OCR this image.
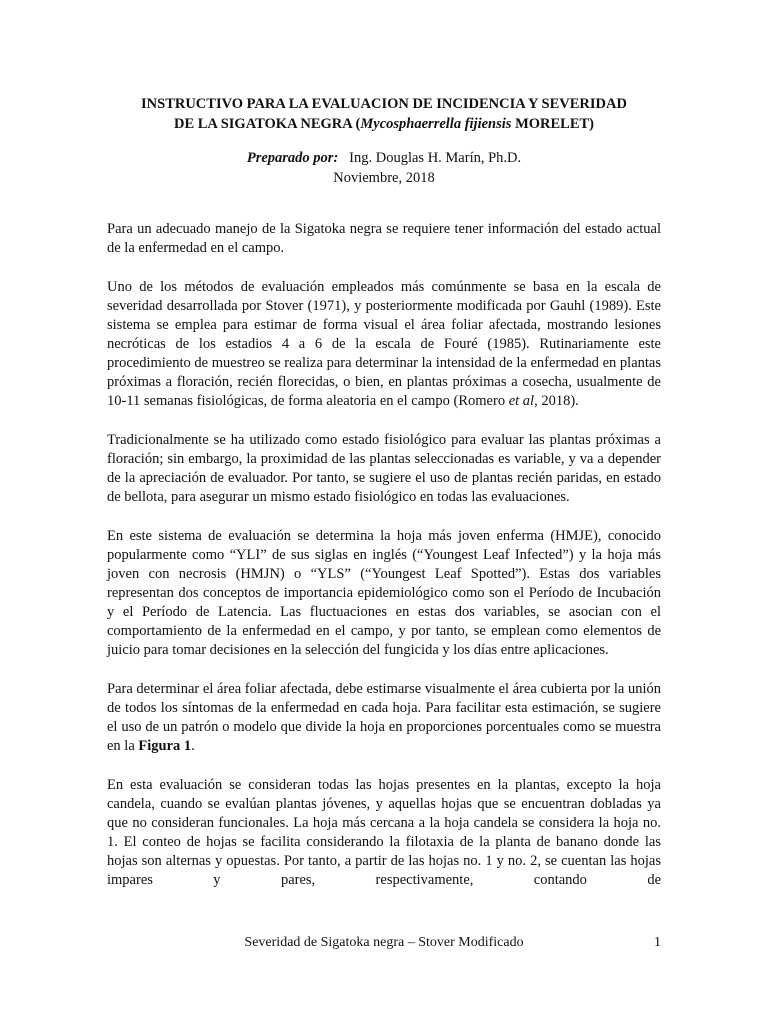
INSTRUCTIVO PARA LA EVALUACION DE INCIDENCIA Y SEVERIDAD
DE LA SIGATOKA NEGRA (Mycosphaerrella fijiensis MORELET)
Preparado por:   Ing. Douglas H. Marín, Ph.D.
Noviembre, 2018

Para un adecuado manejo de la Sigatoka negra se requiere tener información del estado actual de la enfermedad en el campo.

Uno de los métodos de evaluación empleados más comúnmente se basa en la escala de severidad desarrollada por Stover (1971), y posteriormente modificada por Gauhl (1989). Este sistema se emplea para estimar de forma visual el área foliar afectada, mostrando lesiones necróticas de los estadios 4 a 6 de la escala de Fouré (1985). Rutinariamente este procedimiento de muestreo se realiza para determinar la intensidad de la enfermedad en plantas próximas a floración, recién florecidas, o bien, en plantas próximas a cosecha, usualmente de 10-11 semanas fisiológicas, de forma aleatoria en el campo (Romero et al, 2018).

Tradicionalmente se ha utilizado como estado fisiológico para evaluar las plantas próximas a floración; sin embargo, la proximidad de las plantas seleccionadas es variable, y va a depender de la apreciación de evaluador. Por tanto, se sugiere el uso de plantas recién paridas, en estado de bellota, para asegurar un mismo estado fisiológico en todas las evaluaciones.

En este sistema de evaluación se determina la hoja más joven enferma (HMJE), conocido popularmente como “YLI” de sus siglas en inglés (“Youngest Leaf Infected”) y la hoja más joven con necrosis (HMJN) o “YLS” (“Youngest Leaf Spotted”). Estas dos variables representan dos conceptos de importancia epidemiológico como son el Período de Incubación y el Período de Latencia. Las fluctuaciones en estas dos variables, se asocian con el comportamiento de la enfermedad en el campo, y por tanto, se emplean como elementos de juicio para tomar decisiones en la selección del fungicida y los días entre aplicaciones.

Para determinar el área foliar afectada, debe estimarse visualmente el área cubierta por la unión de todos los síntomas de la enfermedad en cada hoja. Para facilitar esta estimación, se sugiere el uso de un patrón o modelo que divide la hoja en proporciones porcentuales como se muestra en la Figura 1.

En esta evaluación se consideran todas las hojas presentes en la plantas, excepto la hoja candela, cuando se evalúan plantas jóvenes, y aquellas hojas que se encuentran dobladas ya que no consideran funcionales. La hoja más cercana a la hoja candela se considera la hoja no. 1. El conteo de hojas se facilita considerando la filotaxia de la planta de banano donde las hojas son alternas y opuestas. Por tanto, a partir de las hojas no. 1 y no. 2, se cuentan las hojas impares y pares, respectivamente, contando de

Severidad de Sigatoka negra – Stover Modificado	1
